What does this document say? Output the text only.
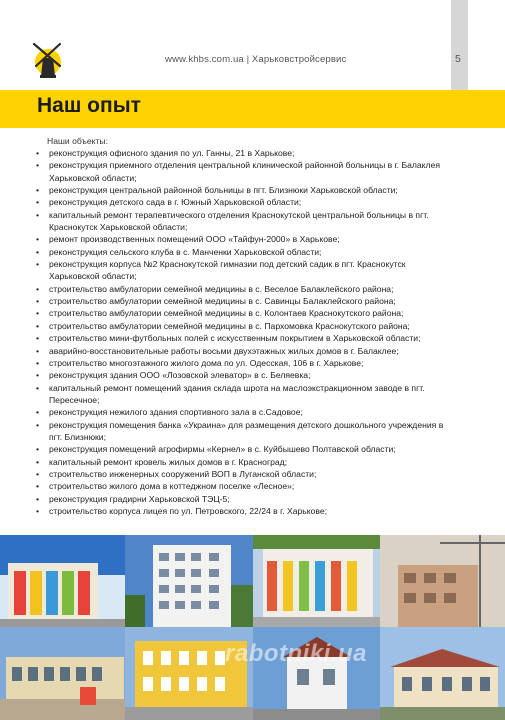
www.khbs.com.ua | Харьковстройсервис	5
Наш опыт
Наши объекты:
• реконструкция офисного здания по ул. Ганны, 21 в Харькове;
• реконструкция приемного отделения центральной клинической районной больницы в г. Балаклея Харьковской области;
• реконструкция центральной районной больницы в пгт. Близнюки Харьковской области;
• реконструкция детского сада в г. Южный Харьковской области;
• капитальный ремонт терапевтического отделения Краснокутской центральной больницы в пгт. Краснокутск Харьковской области;
• ремонт производственных помещений ООО «Тайфун-2000» в Харькове;
• реконструкция сельского клуба в с. Манченки Харьковской области;
• реконструкция корпуса №2 Краснокутской гимназии под детский садик в пгт. Краснокутск Харьковской области;
• строительство амбулатории семейной медицины в с. Веселое Балаклейского района;
• строительство амбулатории семейной медицины в с. Савинцы Балаклейского района;
• строительство амбулатории семейной медицины в с. Колонтаев Краснокутского района;
• строительство амбулатории семейной медицины в с. Пархомовка Краснокутского района;
• строительство мини-футбольных полей с искусственным покрытием в Харьковской области;
• аварийно-восстановительные работы восьми двухэтажных жилых домов в г. Балаклее;
• строительство многоэтажного жилого дома по ул. Одесская, 106 в г. Харькове;
• реконструкция здания ООО «Лозовской элеватор» в с. Беляевка;
• капитальный ремонт помещений здания склада шрота на маслоэкстракционном заводе в пгт. Пересечное;
• реконструкция нежилого здания спортивного зала в с.Садовое;
• реконструкция помещения банка «Украина» для размещения детского дошкольного учреждения в пгт. Близнюки;
• реконструкция помещений агрофирмы «Кернел» в с. Куйбышево Полтавской области;
• капитальный ремонт кровель жилых домов в г. Красноград;
• строительство инженерных сооружений ВОП в Луганской области;
• строительство жилого дома в коттеджном поселке «Лесное»;
• реконструкция градирни Харьковской ТЭЦ-5;
• строительство корпуса лицея по ул. Петровского, 22/24 в г. Харькове;
rabotniki.ua
